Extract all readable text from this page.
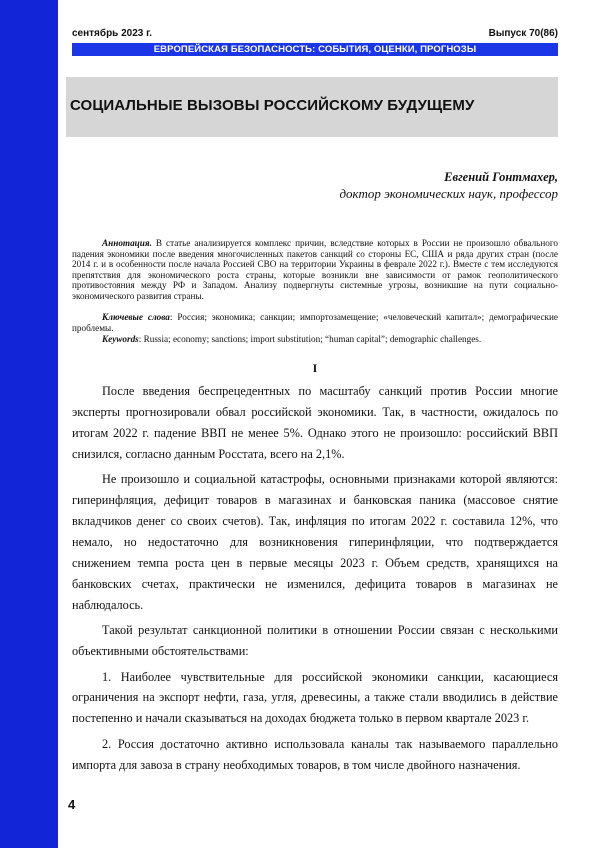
сентябрь 2023 г.	Выпуск 70(86)
ЕВРОПЕЙСКАЯ БЕЗОПАСНОСТЬ: СОБЫТИЯ, ОЦЕНКИ, ПРОГНОЗЫ
СОЦИАЛЬНЫЕ ВЫЗОВЫ РОССИЙСКОМУ БУДУЩЕМУ
Евгений Гонтмахер,
доктор экономических наук, профессор

Аннотация. В статье анализируется комплекс причин, вследствие которых в России не произошло обвального падения экономики после введения многочисленных пакетов санкций со стороны ЕС, США и ряда других стран (после 2014 г. и в особенности после начала Россией СВО на территории Украины в феврале 2022 г.). Вместе с тем исследуются препятствия для экономического роста страны, которые возникли вне зависимости от рамок геополитического противостояния между РФ и Западом. Анализу подвергнуты системные угрозы, возникшие на пути социально-экономического развития страны.

Ключевые слова: Россия; экономика; санкции; импортозамещение; «человеческий капитал»; демографические проблемы.

Keywords: Russia; economy; sanctions; import substitution; “human capital”; demographic challenges.

I

После введения беспрецедентных по масштабу санкций против России многие эксперты прогнозировали обвал российской экономики. Так, в частности, ожидалось по итогам 2022 г. падение ВВП не менее 5%. Однако этого не произошло: российский ВВП снизился, согласно данным Росстата, всего на 2,1%.

Не произошло и социальной катастрофы, основными признаками которой являются: гиперинфляция, дефицит товаров в магазинах и банковская паника (массовое снятие вкладчиков денег со своих счетов). Так, инфляция по итогам 2022 г. составила 12%, что немало, но недостаточно для возникновения гиперинфляции, что подтверждается снижением темпа роста цен в первые месяцы 2023 г. Объем средств, хранящихся на банковских счетах, практически не изменился, дефицита товаров в магазинах не наблюдалось.

Такой результат санкционной политики в отношении России связан с несколькими объективными обстоятельствами:

1. Наиболее чувствительные для российской экономики санкции, касающиеся ограничения на экспорт нефти, газа, угля, древесины, а также стали вводились в действие постепенно и начали сказываться на доходах бюджета только в первом квартале 2023 г.

2. Россия достаточно активно использовала каналы так называемого параллельно импорта для завоза в страну необходимых товаров, в том числе двойного назначения.

4
